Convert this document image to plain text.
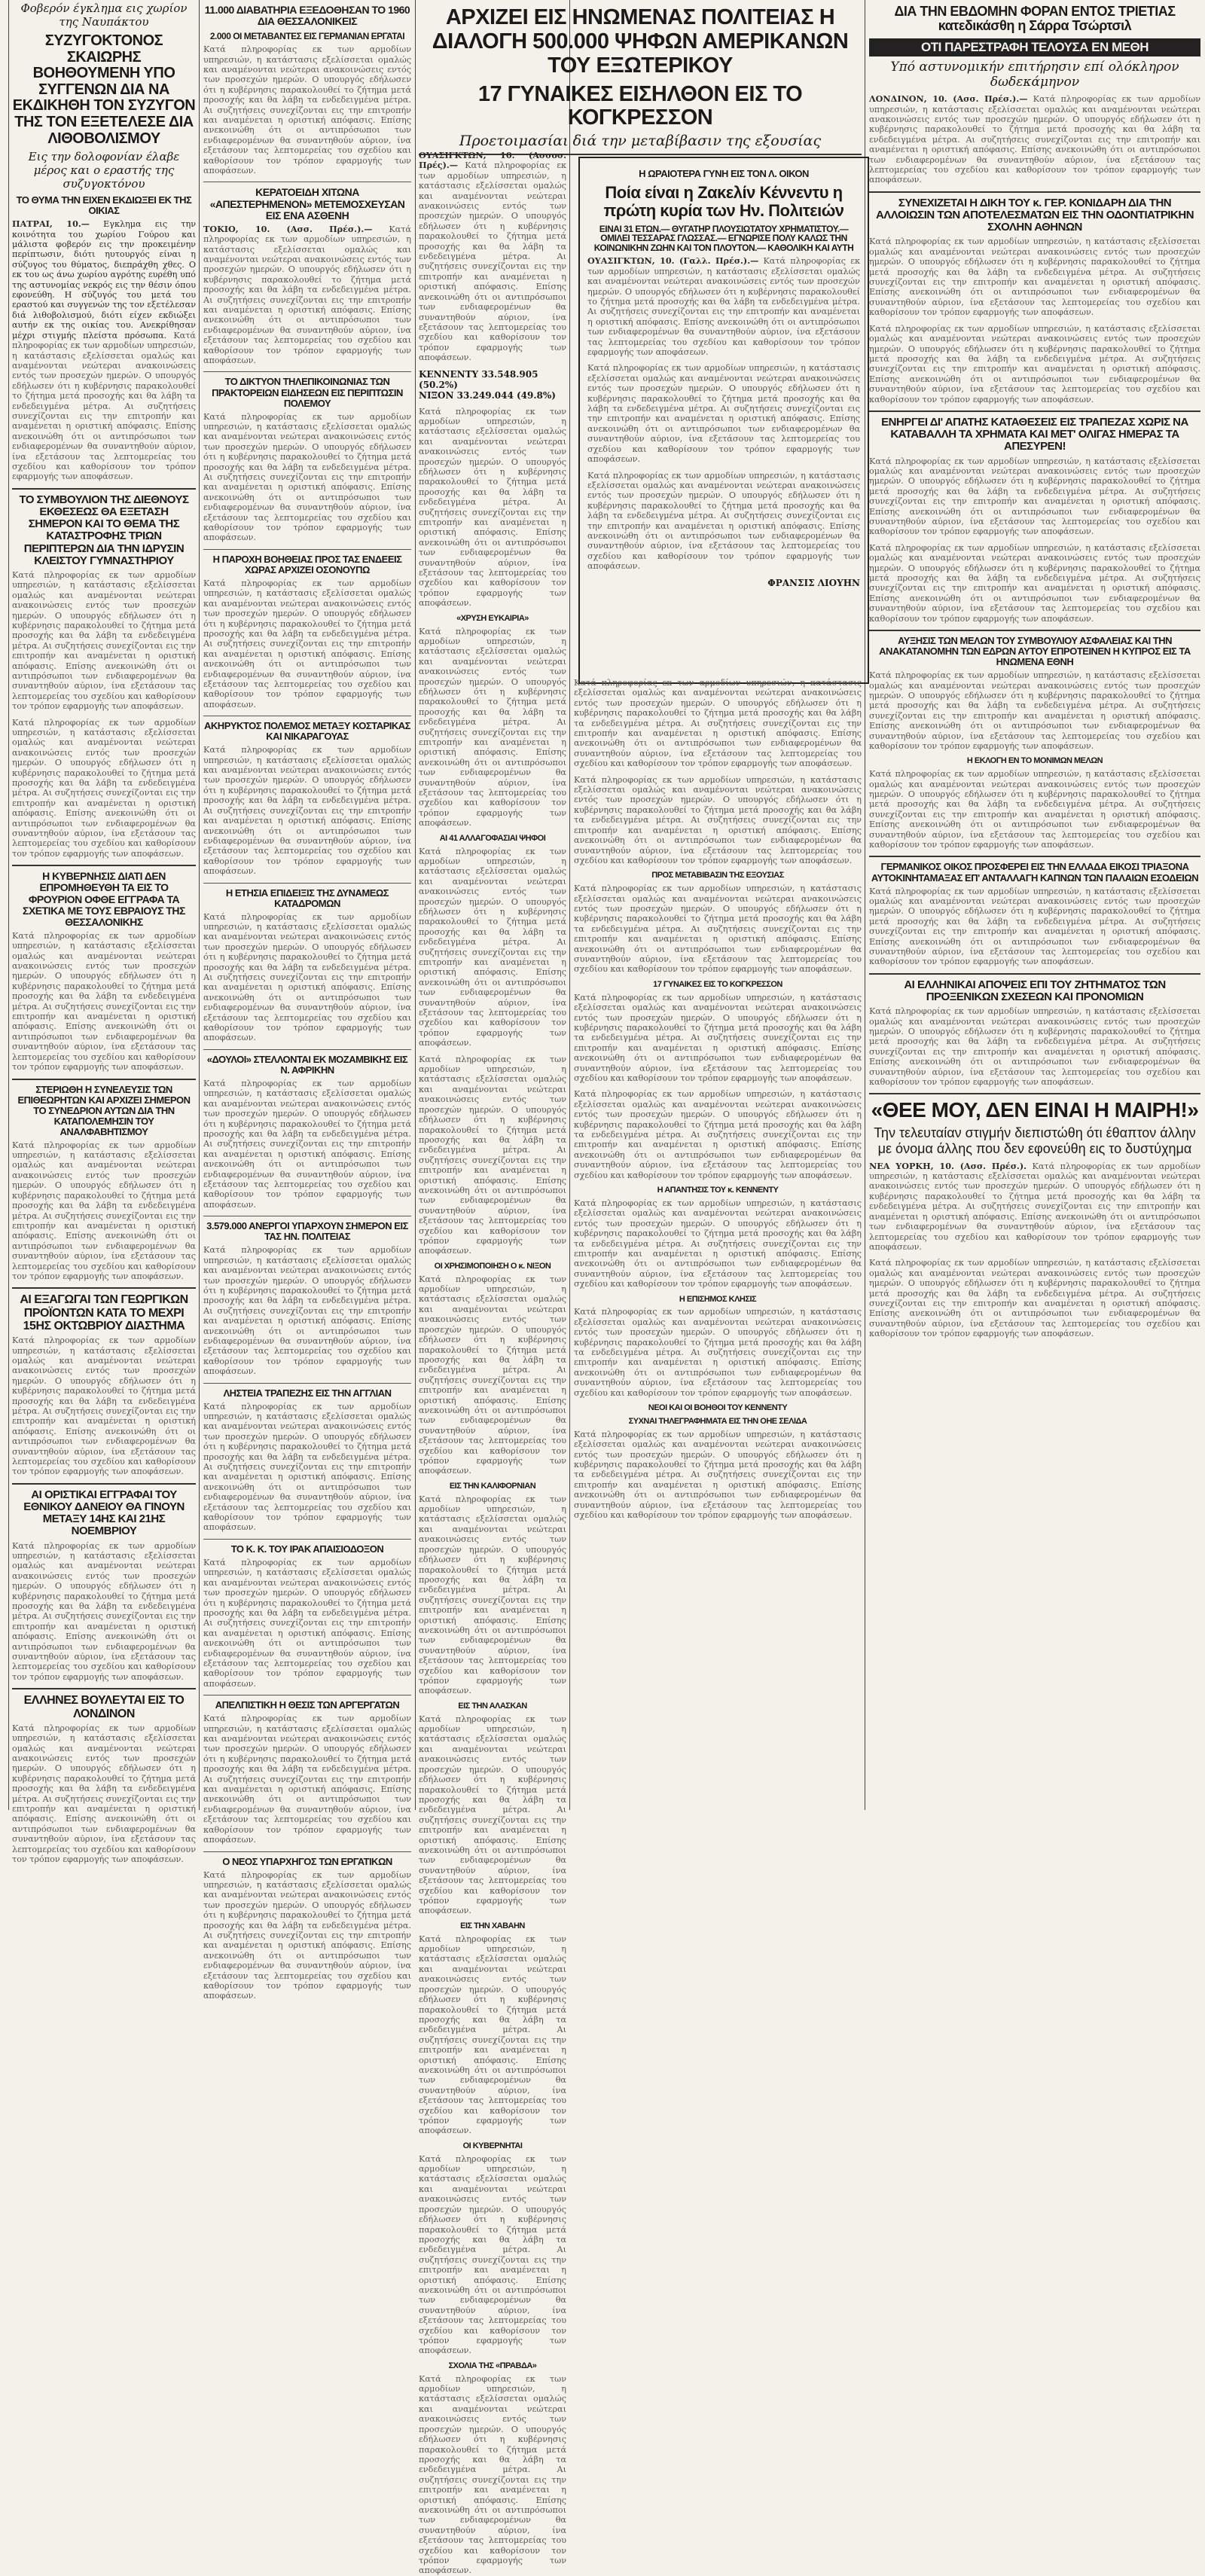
Φοβερόν έγκλημα εις χωρίον της Ναυπάκτου
ΣΥΖΥΓΟΚΤΟΝΟΣ ΣΚΑΙΩΡΗΣ ΒΟΗΘΟΥΜΕΝΗ ΥΠΟ ΣΥΓΓΕΝΩΝ ΔΙΑ ΝΑ ΕΚΔΙΚΗΘΗ ΤΟΝ ΣΥΖΥΓΟΝ ΤΗΣ ΤΟΝ ΕΞΕΤΕΛΕΣΕ ΔΙΑ ΛΙΘΟΒΟΛΙΣΜΟΥ
Εις την δολοφονίαν έλαβε μέρος και ο εραστής της συζυγοκτόνου
ΤΟ ΘΥΜΑ ΤΗΝ ΕΙΧΕΝ ΕΚΔΙΩΞΕΙ ΕΚ ΤΗΣ ΟΙΚΙΑΣ

ΠΑΤΡΑΙ, 10.— Εγκλημα εις την κοινότητα του χωρίου Γούρου και μάλιστα φοβερόν εις την προκειμένην περίπτωσιν, διότι ηυτουργός είναι η σύζυγος του θύματος, διεπράχθη χθες. Ο εκ του ως άνω χωρίου αγρότης ευρέθη υπό της αστυνομίας νεκρός εις την θέσιν όπου εφονεύθη. Η σύζυγός του μετά του εραστού και συγγενών της τον εξετέλεσαν διά λιθοβολισμού, διότι είχεν εκδιώξει αυτήν εκ της οικίας του. Ανεκρίθησαν μέχρι στιγμής πλείστα πρόσωπα. Κατά πληροφορίας εκ των αρμοδίων υπηρεσιών, η κατάστασις εξελίσσεται ομαλώς και αναμένονται νεώτεραι ανακοινώσεις εντός των προσεχών ημερών. Ο υπουργός εδήλωσεν ότι η κυβέρνησις παρακολουθεί το ζήτημα μετά προσοχής και θα λάβη τα ενδεδειγμένα μέτρα. Αι συζητήσεις συνεχίζονται εις την επιτροπήν και αναμένεται η οριστική απόφασις. Επίσης ανεκοινώθη ότι οι αντιπρόσωποι των ενδιαφερομένων θα συναντηθούν αύριον, ίνα εξετάσουν τας λεπτομερείας του σχεδίου και καθορίσουν τον τρόπον εφαρμογής των αποφάσεων.

ΤΟ ΣΥΜΒΟΥΛΙΟΝ ΤΗΣ ΔΙΕΘΝΟΥΣ ΕΚΘΕΣΕΩΣ ΘΑ ΕΞΕΤΑΣΗ ΣΗΜΕΡΟΝ ΚΑΙ ΤΟ ΘΕΜΑ ΤΗΣ ΚΑΤΑΣΤΡΟΦΗΣ ΤΡΙΩΝ ΠΕΡΙΠΤΕΡΩΝ ΔΙΑ ΤΗΝ ΙΔΡΥΣΙΝ ΚΛΕΙΣΤΟΥ ΓΥΜΝΑΣΤΗΡΙΟΥ

Κατά πληροφορίας εκ των αρμοδίων υπηρεσιών, η κατάστασις εξελίσσεται ομαλώς και αναμένονται νεώτεραι ανακοινώσεις εντός των προσεχών ημερών. Ο υπουργός εδήλωσεν ότι η κυβέρνησις παρακολουθεί το ζήτημα μετά προσοχής και θα λάβη τα ενδεδειγμένα μέτρα. Αι συζητήσεις συνεχίζονται εις την επιτροπήν και αναμένεται η οριστική απόφασις. Επίσης ανεκοινώθη ότι οι αντιπρόσωποι των ενδιαφερομένων θα συναντηθούν αύριον, ίνα εξετάσουν τας λεπτομερείας του σχεδίου και καθορίσουν τον τρόπον εφαρμογής των αποφάσεων.

Κατά πληροφορίας εκ των αρμοδίων υπηρεσιών, η κατάστασις εξελίσσεται ομαλώς και αναμένονται νεώτεραι ανακοινώσεις εντός των προσεχών ημερών. Ο υπουργός εδήλωσεν ότι η κυβέρνησις παρακολουθεί το ζήτημα μετά προσοχής και θα λάβη τα ενδεδειγμένα μέτρα. Αι συζητήσεις συνεχίζονται εις την επιτροπήν και αναμένεται η οριστική απόφασις. Επίσης ανεκοινώθη ότι οι αντιπρόσωποι των ενδιαφερομένων θα συναντηθούν αύριον, ίνα εξετάσουν τας λεπτομερείας του σχεδίου και καθορίσουν τον τρόπον εφαρμογής των αποφάσεων.

Η ΚΥΒΕΡΝΗΣΙΣ ΔΙΑΤΙ ΔΕΝ ΕΠΡΟΜΗΘΕΥΘΗ ΤΑ ΕΙΣ ΤΟ ΦΡΟΥΡΙΟΝ ΟΦΘΕ ΕΓΓΡΑΦΑ ΤΑ ΣΧΕΤΙΚΑ ΜΕ ΤΟΥΣ ΕΒΡΑΙΟΥΣ ΤΗΣ ΘΕΣΣΑΛΟΝΙΚΗΣ

Κατά πληροφορίας εκ των αρμοδίων υπηρεσιών, η κατάστασις εξελίσσεται ομαλώς και αναμένονται νεώτεραι ανακοινώσεις εντός των προσεχών ημερών. Ο υπουργός εδήλωσεν ότι η κυβέρνησις παρακολουθεί το ζήτημα μετά προσοχής και θα λάβη τα ενδεδειγμένα μέτρα. Αι συζητήσεις συνεχίζονται εις την επιτροπήν και αναμένεται η οριστική απόφασις. Επίσης ανεκοινώθη ότι οι αντιπρόσωποι των ενδιαφερομένων θα συναντηθούν αύριον, ίνα εξετάσουν τας λεπτομερείας του σχεδίου και καθορίσουν τον τρόπον εφαρμογής των αποφάσεων.

ΣΤΕΡΙΩΘΗ Η ΣΥΝΕΛΕΥΣΙΣ ΤΩΝ ΕΠΙΘΕΩΡΗΤΩΝ ΚΑΙ ΑΡΧΙΖΕΙ ΣΗΜΕΡΟΝ ΤΟ ΣΥΝΕΔΡΙΟΝ ΑΥΤΩΝ ΔΙΑ ΤΗΝ ΚΑΤΑΠΟΛΕΜΗΣΙΝ ΤΟΥ ΑΝΑΛΦΑΒΗΤΙΣΜΟΥ

Κατά πληροφορίας εκ των αρμοδίων υπηρεσιών, η κατάστασις εξελίσσεται ομαλώς και αναμένονται νεώτεραι ανακοινώσεις εντός των προσεχών ημερών. Ο υπουργός εδήλωσεν ότι η κυβέρνησις παρακολουθεί το ζήτημα μετά προσοχής και θα λάβη τα ενδεδειγμένα μέτρα. Αι συζητήσεις συνεχίζονται εις την επιτροπήν και αναμένεται η οριστική απόφασις. Επίσης ανεκοινώθη ότι οι αντιπρόσωποι των ενδιαφερομένων θα συναντηθούν αύριον, ίνα εξετάσουν τας λεπτομερείας του σχεδίου και καθορίσουν τον τρόπον εφαρμογής των αποφάσεων.

ΑΙ ΕΞΑΓΩΓΑΙ ΤΩΝ ΓΕΩΡΓΙΚΩΝ ΠΡΟΪΟΝΤΩΝ ΚΑΤΑ ΤΟ ΜΕΧΡΙ 15ΗΣ ΟΚΤΩΒΡΙΟΥ ΔΙΑΣΤΗΜΑ

Κατά πληροφορίας εκ των αρμοδίων υπηρεσιών, η κατάστασις εξελίσσεται ομαλώς και αναμένονται νεώτεραι ανακοινώσεις εντός των προσεχών ημερών. Ο υπουργός εδήλωσεν ότι η κυβέρνησις παρακολουθεί το ζήτημα μετά προσοχής και θα λάβη τα ενδεδειγμένα μέτρα. Αι συζητήσεις συνεχίζονται εις την επιτροπήν και αναμένεται η οριστική απόφασις. Επίσης ανεκοινώθη ότι οι αντιπρόσωποι των ενδιαφερομένων θα συναντηθούν αύριον, ίνα εξετάσουν τας λεπτομερείας του σχεδίου και καθορίσουν τον τρόπον εφαρμογής των αποφάσεων.

ΑΙ ΟΡΙΣΤΙΚΑΙ ΕΓΓΡΑΦΑΙ ΤΟΥ ΕΘΝΙΚΟΥ ΔΑΝΕΙΟΥ ΘΑ ΓΙΝΟΥΝ ΜΕΤΑΞΥ 14ΗΣ ΚΑΙ 21ΗΣ ΝΟΕΜΒΡΙΟΥ

Κατά πληροφορίας εκ των αρμοδίων υπηρεσιών, η κατάστασις εξελίσσεται ομαλώς και αναμένονται νεώτεραι ανακοινώσεις εντός των προσεχών ημερών. Ο υπουργός εδήλωσεν ότι η κυβέρνησις παρακολουθεί το ζήτημα μετά προσοχής και θα λάβη τα ενδεδειγμένα μέτρα. Αι συζητήσεις συνεχίζονται εις την επιτροπήν και αναμένεται η οριστική απόφασις. Επίσης ανεκοινώθη ότι οι αντιπρόσωποι των ενδιαφερομένων θα συναντηθούν αύριον, ίνα εξετάσουν τας λεπτομερείας του σχεδίου και καθορίσουν τον τρόπον εφαρμογής των αποφάσεων.

ΕΛΛΗΝΕΣ ΒΟΥΛΕΥΤΑΙ ΕΙΣ ΤΟ ΛΟΝΔΙΝΟΝ

Κατά πληροφορίας εκ των αρμοδίων υπηρεσιών, η κατάστασις εξελίσσεται ομαλώς και αναμένονται νεώτεραι ανακοινώσεις εντός των προσεχών ημερών. Ο υπουργός εδήλωσεν ότι η κυβέρνησις παρακολουθεί το ζήτημα μετά προσοχής και θα λάβη τα ενδεδειγμένα μέτρα. Αι συζητήσεις συνεχίζονται εις την επιτροπήν και αναμένεται η οριστική απόφασις. Επίσης ανεκοινώθη ότι οι αντιπρόσωποι των ενδιαφερομένων θα συναντηθούν αύριον, ίνα εξετάσουν τας λεπτομερείας του σχεδίου και καθορίσουν τον τρόπον εφαρμογής των αποφάσεων.

11.000 ΔΙΑΒΑΤΗΡΙΑ ΕΞΕΔΟΘΗΣΑΝ ΤΟ 1960 ΔΙΑ ΘΕΣΣΑΛΟΝΙΚΕΙΣ
2.000 ΟΙ ΜΕΤΑΒΑΝΤΕΣ ΕΙΣ ΓΕΡΜΑΝΙΑΝ ΕΡΓΑΤΑΙ

Κατά πληροφορίας εκ των αρμοδίων υπηρεσιών, η κατάστασις εξελίσσεται ομαλώς και αναμένονται νεώτεραι ανακοινώσεις εντός των προσεχών ημερών. Ο υπουργός εδήλωσεν ότι η κυβέρνησις παρακολουθεί το ζήτημα μετά προσοχής και θα λάβη τα ενδεδειγμένα μέτρα. Αι συζητήσεις συνεχίζονται εις την επιτροπήν και αναμένεται η οριστική απόφασις. Επίσης ανεκοινώθη ότι οι αντιπρόσωποι των ενδιαφερομένων θα συναντηθούν αύριον, ίνα εξετάσουν τας λεπτομερείας του σχεδίου και καθορίσουν τον τρόπον εφαρμογής των αποφάσεων.

ΚΕΡΑΤΟΕΙΔΗ ΧΙΤΩΝΑ «ΑΠΕΣΤΕΡΗΜΕΝΟΝ» ΜΕΤΕΜΟΣΧΕΥΣΑΝ ΕΙΣ ΕΝΑ ΑΣΘΕΝΗ

ΤΟΚΙΟ, 10. (Ασσ. Πρέσ.).— Κατά πληροφορίας εκ των αρμοδίων υπηρεσιών, η κατάστασις εξελίσσεται ομαλώς και αναμένονται νεώτεραι ανακοινώσεις εντός των προσεχών ημερών. Ο υπουργός εδήλωσεν ότι η κυβέρνησις παρακολουθεί το ζήτημα μετά προσοχής και θα λάβη τα ενδεδειγμένα μέτρα. Αι συζητήσεις συνεχίζονται εις την επιτροπήν και αναμένεται η οριστική απόφασις. Επίσης ανεκοινώθη ότι οι αντιπρόσωποι των ενδιαφερομένων θα συναντηθούν αύριον, ίνα εξετάσουν τας λεπτομερείας του σχεδίου και καθορίσουν τον τρόπον εφαρμογής των αποφάσεων.

ΤΟ ΔΙΚΤΥΟΝ ΤΗΛΕΠΙΚΟΙΝΩΝΙΑΣ ΤΩΝ ΠΡΑΚΤΟΡΕΙΩΝ ΕΙΔΗΣΕΩΝ ΕΙΣ ΠΕΡΙΠΤΩΣΙΝ ΠΟΛΕΜΟΥ

Κατά πληροφορίας εκ των αρμοδίων υπηρεσιών, η κατάστασις εξελίσσεται ομαλώς και αναμένονται νεώτεραι ανακοινώσεις εντός των προσεχών ημερών. Ο υπουργός εδήλωσεν ότι η κυβέρνησις παρακολουθεί το ζήτημα μετά προσοχής και θα λάβη τα ενδεδειγμένα μέτρα. Αι συζητήσεις συνεχίζονται εις την επιτροπήν και αναμένεται η οριστική απόφασις. Επίσης ανεκοινώθη ότι οι αντιπρόσωποι των ενδιαφερομένων θα συναντηθούν αύριον, ίνα εξετάσουν τας λεπτομερείας του σχεδίου και καθορίσουν τον τρόπον εφαρμογής των αποφάσεων.

Η ΠΑΡΟΧΗ ΒΟΗΘΕΙΑΣ ΠΡΟΣ ΤΑΣ ΕΝΔΕΕΙΣ ΧΩΡΑΣ ΑΡΧΙΖΕΙ ΟΣΟΝΟΥΠΩ

Κατά πληροφορίας εκ των αρμοδίων υπηρεσιών, η κατάστασις εξελίσσεται ομαλώς και αναμένονται νεώτεραι ανακοινώσεις εντός των προσεχών ημερών. Ο υπουργός εδήλωσεν ότι η κυβέρνησις παρακολουθεί το ζήτημα μετά προσοχής και θα λάβη τα ενδεδειγμένα μέτρα. Αι συζητήσεις συνεχίζονται εις την επιτροπήν και αναμένεται η οριστική απόφασις. Επίσης ανεκοινώθη ότι οι αντιπρόσωποι των ενδιαφερομένων θα συναντηθούν αύριον, ίνα εξετάσουν τας λεπτομερείας του σχεδίου και καθορίσουν τον τρόπον εφαρμογής των αποφάσεων.

ΑΚΗΡΥΚΤΟΣ ΠΟΛΕΜΟΣ ΜΕΤΑΞΥ ΚΟΣΤΑΡΙΚΑΣ ΚΑΙ ΝΙΚΑΡΑΓΟΥΑΣ

Κατά πληροφορίας εκ των αρμοδίων υπηρεσιών, η κατάστασις εξελίσσεται ομαλώς και αναμένονται νεώτεραι ανακοινώσεις εντός των προσεχών ημερών. Ο υπουργός εδήλωσεν ότι η κυβέρνησις παρακολουθεί το ζήτημα μετά προσοχής και θα λάβη τα ενδεδειγμένα μέτρα. Αι συζητήσεις συνεχίζονται εις την επιτροπήν και αναμένεται η οριστική απόφασις. Επίσης ανεκοινώθη ότι οι αντιπρόσωποι των ενδιαφερομένων θα συναντηθούν αύριον, ίνα εξετάσουν τας λεπτομερείας του σχεδίου και καθορίσουν τον τρόπον εφαρμογής των αποφάσεων.

Η ΕΤΗΣΙΑ ΕΠΙΔΕΙΞΙΣ ΤΗΣ ΔΥΝΑΜΕΩΣ ΚΑΤΑΔΡΟΜΩΝ

Κατά πληροφορίας εκ των αρμοδίων υπηρεσιών, η κατάστασις εξελίσσεται ομαλώς και αναμένονται νεώτεραι ανακοινώσεις εντός των προσεχών ημερών. Ο υπουργός εδήλωσεν ότι η κυβέρνησις παρακολουθεί το ζήτημα μετά προσοχής και θα λάβη τα ενδεδειγμένα μέτρα. Αι συζητήσεις συνεχίζονται εις την επιτροπήν και αναμένεται η οριστική απόφασις. Επίσης ανεκοινώθη ότι οι αντιπρόσωποι των ενδιαφερομένων θα συναντηθούν αύριον, ίνα εξετάσουν τας λεπτομερείας του σχεδίου και καθορίσουν τον τρόπον εφαρμογής των αποφάσεων.

«ΔΟΥΛΟΙ» ΣΤΕΛΛΟΝΤΑΙ ΕΚ ΜΟΖΑΜΒΙΚΗΣ ΕΙΣ Ν. ΑΦΡΙΚΗΝ

Κατά πληροφορίας εκ των αρμοδίων υπηρεσιών, η κατάστασις εξελίσσεται ομαλώς και αναμένονται νεώτεραι ανακοινώσεις εντός των προσεχών ημερών. Ο υπουργός εδήλωσεν ότι η κυβέρνησις παρακολουθεί το ζήτημα μετά προσοχής και θα λάβη τα ενδεδειγμένα μέτρα. Αι συζητήσεις συνεχίζονται εις την επιτροπήν και αναμένεται η οριστική απόφασις. Επίσης ανεκοινώθη ότι οι αντιπρόσωποι των ενδιαφερομένων θα συναντηθούν αύριον, ίνα εξετάσουν τας λεπτομερείας του σχεδίου και καθορίσουν τον τρόπον εφαρμογής των αποφάσεων.

3.579.000 ΑΝΕΡΓΟΙ ΥΠΑΡΧΟΥΝ ΣΗΜΕΡΟΝ ΕΙΣ ΤΑΣ ΗΝ. ΠΟΛΙΤΕΙΑΣ

Κατά πληροφορίας εκ των αρμοδίων υπηρεσιών, η κατάστασις εξελίσσεται ομαλώς και αναμένονται νεώτεραι ανακοινώσεις εντός των προσεχών ημερών. Ο υπουργός εδήλωσεν ότι η κυβέρνησις παρακολουθεί το ζήτημα μετά προσοχής και θα λάβη τα ενδεδειγμένα μέτρα. Αι συζητήσεις συνεχίζονται εις την επιτροπήν και αναμένεται η οριστική απόφασις. Επίσης ανεκοινώθη ότι οι αντιπρόσωποι των ενδιαφερομένων θα συναντηθούν αύριον, ίνα εξετάσουν τας λεπτομερείας του σχεδίου και καθορίσουν τον τρόπον εφαρμογής των αποφάσεων.

ΛΗΣΤΕΙΑ ΤΡΑΠΕΖΗΣ ΕΙΣ ΤΗΝ ΑΓΓΛΙΑΝ

Κατά πληροφορίας εκ των αρμοδίων υπηρεσιών, η κατάστασις εξελίσσεται ομαλώς και αναμένονται νεώτεραι ανακοινώσεις εντός των προσεχών ημερών. Ο υπουργός εδήλωσεν ότι η κυβέρνησις παρακολουθεί το ζήτημα μετά προσοχής και θα λάβη τα ενδεδειγμένα μέτρα. Αι συζητήσεις συνεχίζονται εις την επιτροπήν και αναμένεται η οριστική απόφασις. Επίσης ανεκοινώθη ότι οι αντιπρόσωποι των ενδιαφερομένων θα συναντηθούν αύριον, ίνα εξετάσουν τας λεπτομερείας του σχεδίου και καθορίσουν τον τρόπον εφαρμογής των αποφάσεων.

ΤΟ Κ. Κ. ΤΟΥ ΙΡΑΚ ΑΠΑΙΣΙΟΔΟΞΟΝ

Κατά πληροφορίας εκ των αρμοδίων υπηρεσιών, η κατάστασις εξελίσσεται ομαλώς και αναμένονται νεώτεραι ανακοινώσεις εντός των προσεχών ημερών. Ο υπουργός εδήλωσεν ότι η κυβέρνησις παρακολουθεί το ζήτημα μετά προσοχής και θα λάβη τα ενδεδειγμένα μέτρα. Αι συζητήσεις συνεχίζονται εις την επιτροπήν και αναμένεται η οριστική απόφασις. Επίσης ανεκοινώθη ότι οι αντιπρόσωποι των ενδιαφερομένων θα συναντηθούν αύριον, ίνα εξετάσουν τας λεπτομερείας του σχεδίου και καθορίσουν τον τρόπον εφαρμογής των αποφάσεων.

ΑΠΕΛΠΙΣΤΙΚΗ Η ΘΕΣΙΣ ΤΩΝ ΑΡΓΕΡΓΑΤΩΝ

Κατά πληροφορίας εκ των αρμοδίων υπηρεσιών, η κατάστασις εξελίσσεται ομαλώς και αναμένονται νεώτεραι ανακοινώσεις εντός των προσεχών ημερών. Ο υπουργός εδήλωσεν ότι η κυβέρνησις παρακολουθεί το ζήτημα μετά προσοχής και θα λάβη τα ενδεδειγμένα μέτρα. Αι συζητήσεις συνεχίζονται εις την επιτροπήν και αναμένεται η οριστική απόφασις. Επίσης ανεκοινώθη ότι οι αντιπρόσωποι των ενδιαφερομένων θα συναντηθούν αύριον, ίνα εξετάσουν τας λεπτομερείας του σχεδίου και καθορίσουν τον τρόπον εφαρμογής των αποφάσεων.

Ο ΝΕΟΣ ΥΠΑΡΧΗΓΟΣ ΤΩΝ ΕΡΓΑΤΙΚΩΝ

Κατά πληροφορίας εκ των αρμοδίων υπηρεσιών, η κατάστασις εξελίσσεται ομαλώς και αναμένονται νεώτεραι ανακοινώσεις εντός των προσεχών ημερών. Ο υπουργός εδήλωσεν ότι η κυβέρνησις παρακολουθεί το ζήτημα μετά προσοχής και θα λάβη τα ενδεδειγμένα μέτρα. Αι συζητήσεις συνεχίζονται εις την επιτροπήν και αναμένεται η οριστική απόφασις. Επίσης ανεκοινώθη ότι οι αντιπρόσωποι των ενδιαφερομένων θα συναντηθούν αύριον, ίνα εξετάσουν τας λεπτομερείας του σχεδίου και καθορίσουν τον τρόπον εφαρμογής των αποφάσεων.

ΑΡΧΙΖΕΙ ΕΙΣ ΗΝΩΜΕΝΑΣ ΠΟΛΙΤΕΙΑΣ Η ΔΙΑΛΟΓΗ 500.000 ΨΗΦΩΝ ΑΜΕΡΙΚΑΝΩΝ ΤΟΥ ΕΞΩΤΕΡΙΚΟΥ
17 ΓΥΝΑΙΚΕΣ ΕΙΣΗΛΘΟΝ ΕΙΣ ΤΟ ΚΟΓΚΡΕΣΣΟΝ
Προετοιμασίαι διά την μεταβίβασιν της εξουσίας

ΟΥΑΣΙΓΚΤΩΝ, 10. (Ασσοσ. Πρές).— Κατά πληροφορίας εκ των αρμοδίων υπηρεσιών, η κατάστασις εξελίσσεται ομαλώς και αναμένονται νεώτεραι ανακοινώσεις εντός των προσεχών ημερών. Ο υπουργός εδήλωσεν ότι η κυβέρνησις παρακολουθεί το ζήτημα μετά προσοχής και θα λάβη τα ενδεδειγμένα μέτρα. Αι συζητήσεις συνεχίζονται εις την επιτροπήν και αναμένεται η οριστική απόφασις. Επίσης ανεκοινώθη ότι οι αντιπρόσωποι των ενδιαφερομένων θα συναντηθούν αύριον, ίνα εξετάσουν τας λεπτομερείας του σχεδίου και καθορίσουν τον τρόπον εφαρμογής των αποφάσεων.

ΚΕΝΝΕΝΤΥ 33.548.905 (50.2%)
ΝΙΞΟΝ 33.249.044 (49.8%)

Κατά πληροφορίας εκ των αρμοδίων υπηρεσιών, η κατάστασις εξελίσσεται ομαλώς και αναμένονται νεώτεραι ανακοινώσεις εντός των προσεχών ημερών. Ο υπουργός εδήλωσεν ότι η κυβέρνησις παρακολουθεί το ζήτημα μετά προσοχής και θα λάβη τα ενδεδειγμένα μέτρα. Αι συζητήσεις συνεχίζονται εις την επιτροπήν και αναμένεται η οριστική απόφασις. Επίσης ανεκοινώθη ότι οι αντιπρόσωποι των ενδιαφερομένων θα συναντηθούν αύριον, ίνα εξετάσουν τας λεπτομερείας του σχεδίου και καθορίσουν τον τρόπον εφαρμογής των αποφάσεων.

«ΧΡΥΣΗ ΕΥΚΑΙΡΙΑ»

Κατά πληροφορίας εκ των αρμοδίων υπηρεσιών, η κατάστασις εξελίσσεται ομαλώς και αναμένονται νεώτεραι ανακοινώσεις εντός των προσεχών ημερών. Ο υπουργός εδήλωσεν ότι η κυβέρνησις παρακολουθεί το ζήτημα μετά προσοχής και θα λάβη τα ενδεδειγμένα μέτρα. Αι συζητήσεις συνεχίζονται εις την επιτροπήν και αναμένεται η οριστική απόφασις. Επίσης ανεκοινώθη ότι οι αντιπρόσωποι των ενδιαφερομένων θα συναντηθούν αύριον, ίνα εξετάσουν τας λεπτομερείας του σχεδίου και καθορίσουν τον τρόπον εφαρμογής των αποφάσεων.

ΑΙ 41 ΑΛΛΑΓΟΦΑΣΙΑΙ ΨΗΦΟΙ

Κατά πληροφορίας εκ των αρμοδίων υπηρεσιών, η κατάστασις εξελίσσεται ομαλώς και αναμένονται νεώτεραι ανακοινώσεις εντός των προσεχών ημερών. Ο υπουργός εδήλωσεν ότι η κυβέρνησις παρακολουθεί το ζήτημα μετά προσοχής και θα λάβη τα ενδεδειγμένα μέτρα. Αι συζητήσεις συνεχίζονται εις την επιτροπήν και αναμένεται η οριστική απόφασις. Επίσης ανεκοινώθη ότι οι αντιπρόσωποι των ενδιαφερομένων θα συναντηθούν αύριον, ίνα εξετάσουν τας λεπτομερείας του σχεδίου και καθορίσουν τον τρόπον εφαρμογής των αποφάσεων.

Κατά πληροφορίας εκ των αρμοδίων υπηρεσιών, η κατάστασις εξελίσσεται ομαλώς και αναμένονται νεώτεραι ανακοινώσεις εντός των προσεχών ημερών. Ο υπουργός εδήλωσεν ότι η κυβέρνησις παρακολουθεί το ζήτημα μετά προσοχής και θα λάβη τα ενδεδειγμένα μέτρα. Αι συζητήσεις συνεχίζονται εις την επιτροπήν και αναμένεται η οριστική απόφασις. Επίσης ανεκοινώθη ότι οι αντιπρόσωποι των ενδιαφερομένων θα συναντηθούν αύριον, ίνα εξετάσουν τας λεπτομερείας του σχεδίου και καθορίσουν τον τρόπον εφαρμογής των αποφάσεων.

ΟΙ ΧΡΗΣΙΜΟΠΟΙΗΣΗ Ο κ. ΝΙΞΟΝ

Κατά πληροφορίας εκ των αρμοδίων υπηρεσιών, η κατάστασις εξελίσσεται ομαλώς και αναμένονται νεώτεραι ανακοινώσεις εντός των προσεχών ημερών. Ο υπουργός εδήλωσεν ότι η κυβέρνησις παρακολουθεί το ζήτημα μετά προσοχής και θα λάβη τα ενδεδειγμένα μέτρα. Αι συζητήσεις συνεχίζονται εις την επιτροπήν και αναμένεται η οριστική απόφασις. Επίσης ανεκοινώθη ότι οι αντιπρόσωποι των ενδιαφερομένων θα συναντηθούν αύριον, ίνα εξετάσουν τας λεπτομερείας του σχεδίου και καθορίσουν τον τρόπον εφαρμογής των αποφάσεων.

ΕΙΣ ΤΗΝ ΚΑΛΙΦΟΡΝΙΑΝ

Κατά πληροφορίας εκ των αρμοδίων υπηρεσιών, η κατάστασις εξελίσσεται ομαλώς και αναμένονται νεώτεραι ανακοινώσεις εντός των προσεχών ημερών. Ο υπουργός εδήλωσεν ότι η κυβέρνησις παρακολουθεί το ζήτημα μετά προσοχής και θα λάβη τα ενδεδειγμένα μέτρα. Αι συζητήσεις συνεχίζονται εις την επιτροπήν και αναμένεται η οριστική απόφασις. Επίσης ανεκοινώθη ότι οι αντιπρόσωποι των ενδιαφερομένων θα συναντηθούν αύριον, ίνα εξετάσουν τας λεπτομερείας του σχεδίου και καθορίσουν τον τρόπον εφαρμογής των αποφάσεων.

ΕΙΣ ΤΗΝ ΑΛΑΣΚΑΝ

Κατά πληροφορίας εκ των αρμοδίων υπηρεσιών, η κατάστασις εξελίσσεται ομαλώς και αναμένονται νεώτεραι ανακοινώσεις εντός των προσεχών ημερών. Ο υπουργός εδήλωσεν ότι η κυβέρνησις παρακολουθεί το ζήτημα μετά προσοχής και θα λάβη τα ενδεδειγμένα μέτρα. Αι συζητήσεις συνεχίζονται εις την επιτροπήν και αναμένεται η οριστική απόφασις. Επίσης ανεκοινώθη ότι οι αντιπρόσωποι των ενδιαφερομένων θα συναντηθούν αύριον, ίνα εξετάσουν τας λεπτομερείας του σχεδίου και καθορίσουν τον τρόπον εφαρμογής των αποφάσεων.

ΕΙΣ ΤΗΝ ΧΑΒΑΗΝ

Κατά πληροφορίας εκ των αρμοδίων υπηρεσιών, η κατάστασις εξελίσσεται ομαλώς και αναμένονται νεώτεραι ανακοινώσεις εντός των προσεχών ημερών. Ο υπουργός εδήλωσεν ότι η κυβέρνησις παρακολουθεί το ζήτημα μετά προσοχής και θα λάβη τα ενδεδειγμένα μέτρα. Αι συζητήσεις συνεχίζονται εις την επιτροπήν και αναμένεται η οριστική απόφασις. Επίσης ανεκοινώθη ότι οι αντιπρόσωποι των ενδιαφερομένων θα συναντηθούν αύριον, ίνα εξετάσουν τας λεπτομερείας του σχεδίου και καθορίσουν τον τρόπον εφαρμογής των αποφάσεων.

ΟΙ ΚΥΒΕΡΝΗΤΑΙ

Κατά πληροφορίας εκ των αρμοδίων υπηρεσιών, η κατάστασις εξελίσσεται ομαλώς και αναμένονται νεώτεραι ανακοινώσεις εντός των προσεχών ημερών. Ο υπουργός εδήλωσεν ότι η κυβέρνησις παρακολουθεί το ζήτημα μετά προσοχής και θα λάβη τα ενδεδειγμένα μέτρα. Αι συζητήσεις συνεχίζονται εις την επιτροπήν και αναμένεται η οριστική απόφασις. Επίσης ανεκοινώθη ότι οι αντιπρόσωποι των ενδιαφερομένων θα συναντηθούν αύριον, ίνα εξετάσουν τας λεπτομερείας του σχεδίου και καθορίσουν τον τρόπον εφαρμογής των αποφάσεων.

ΣΧΟΛΙΑ ΤΗΣ «ΠΡΑΒΔΑ»

Κατά πληροφορίας εκ των αρμοδίων υπηρεσιών, η κατάστασις εξελίσσεται ομαλώς και αναμένονται νεώτεραι ανακοινώσεις εντός των προσεχών ημερών. Ο υπουργός εδήλωσεν ότι η κυβέρνησις παρακολουθεί το ζήτημα μετά προσοχής και θα λάβη τα ενδεδειγμένα μέτρα. Αι συζητήσεις συνεχίζονται εις την επιτροπήν και αναμένεται η οριστική απόφασις. Επίσης ανεκοινώθη ότι οι αντιπρόσωποι των ενδιαφερομένων θα συναντηθούν αύριον, ίνα εξετάσουν τας λεπτομερείας του σχεδίου και καθορίσουν τον τρόπον εφαρμογής των αποφάσεων.

Η ΩΡΑΙΟΤΕΡΑ ΓΥΝΗ ΕΙΣ ΤΟΝ Λ. ΟΙΚΟΝ
Ποία είναι η Ζακελίν Κέννεντυ η πρώτη κυρία των Ην. Πολιτειών
ΕΙΝΑΙ 31 ΕΤΩΝ.— ΘΥΓΑΤΗΡ ΠΛΟΥΣΙΩΤΑΤΟΥ ΧΡΗΜΑΤΙΣΤΟΥ.— ΟΜΙΛΕΙ ΤΕΣΣΑΡΑΣ ΓΛΩΣΣΑΣ.— ΕΓΝΩΡΙΣΕ ΠΟΛΥ ΚΑΛΩΣ ΤΗΝ ΚΟΙΝΩΝΙΚΗΝ ΖΩΗΝ ΚΑΙ ΤΟΝ ΠΛΟΥΤΟΝ.— ΚΑΘΟΛΙΚΗ ΚΑΙ ΑΥΤΗ

ΟΥΑΣΙΓΚΤΩΝ, 10. (Γαλλ. Πρέσ.).— Κατά πληροφορίας εκ των αρμοδίων υπηρεσιών, η κατάστασις εξελίσσεται ομαλώς και αναμένονται νεώτεραι ανακοινώσεις εντός των προσεχών ημερών. Ο υπουργός εδήλωσεν ότι η κυβέρνησις παρακολουθεί το ζήτημα μετά προσοχής και θα λάβη τα ενδεδειγμένα μέτρα. Αι συζητήσεις συνεχίζονται εις την επιτροπήν και αναμένεται η οριστική απόφασις. Επίσης ανεκοινώθη ότι οι αντιπρόσωποι των ενδιαφερομένων θα συναντηθούν αύριον, ίνα εξετάσουν τας λεπτομερείας του σχεδίου και καθορίσουν τον τρόπον εφαρμογής των αποφάσεων.

Κατά πληροφορίας εκ των αρμοδίων υπηρεσιών, η κατάστασις εξελίσσεται ομαλώς και αναμένονται νεώτεραι ανακοινώσεις εντός των προσεχών ημερών. Ο υπουργός εδήλωσεν ότι η κυβέρνησις παρακολουθεί το ζήτημα μετά προσοχής και θα λάβη τα ενδεδειγμένα μέτρα. Αι συζητήσεις συνεχίζονται εις την επιτροπήν και αναμένεται η οριστική απόφασις. Επίσης ανεκοινώθη ότι οι αντιπρόσωποι των ενδιαφερομένων θα συναντηθούν αύριον, ίνα εξετάσουν τας λεπτομερείας του σχεδίου και καθορίσουν τον τρόπον εφαρμογής των αποφάσεων.

Κατά πληροφορίας εκ των αρμοδίων υπηρεσιών, η κατάστασις εξελίσσεται ομαλώς και αναμένονται νεώτεραι ανακοινώσεις εντός των προσεχών ημερών. Ο υπουργός εδήλωσεν ότι η κυβέρνησις παρακολουθεί το ζήτημα μετά προσοχής και θα λάβη τα ενδεδειγμένα μέτρα. Αι συζητήσεις συνεχίζονται εις την επιτροπήν και αναμένεται η οριστική απόφασις. Επίσης ανεκοινώθη ότι οι αντιπρόσωποι των ενδιαφερομένων θα συναντηθούν αύριον, ίνα εξετάσουν τας λεπτομερείας του σχεδίου και καθορίσουν τον τρόπον εφαρμογής των αποφάσεων.

ΦΡΑΝΣΙΣ ΛΙΟΥΗΝ

Κατά πληροφορίας εκ των αρμοδίων υπηρεσιών, η κατάστασις εξελίσσεται ομαλώς και αναμένονται νεώτεραι ανακοινώσεις εντός των προσεχών ημερών. Ο υπουργός εδήλωσεν ότι η κυβέρνησις παρακολουθεί το ζήτημα μετά προσοχής και θα λάβη τα ενδεδειγμένα μέτρα. Αι συζητήσεις συνεχίζονται εις την επιτροπήν και αναμένεται η οριστική απόφασις. Επίσης ανεκοινώθη ότι οι αντιπρόσωποι των ενδιαφερομένων θα συναντηθούν αύριον, ίνα εξετάσουν τας λεπτομερείας του σχεδίου και καθορίσουν τον τρόπον εφαρμογής των αποφάσεων.

Κατά πληροφορίας εκ των αρμοδίων υπηρεσιών, η κατάστασις εξελίσσεται ομαλώς και αναμένονται νεώτεραι ανακοινώσεις εντός των προσεχών ημερών. Ο υπουργός εδήλωσεν ότι η κυβέρνησις παρακολουθεί το ζήτημα μετά προσοχής και θα λάβη τα ενδεδειγμένα μέτρα. Αι συζητήσεις συνεχίζονται εις την επιτροπήν και αναμένεται η οριστική απόφασις. Επίσης ανεκοινώθη ότι οι αντιπρόσωποι των ενδιαφερομένων θα συναντηθούν αύριον, ίνα εξετάσουν τας λεπτομερείας του σχεδίου και καθορίσουν τον τρόπον εφαρμογής των αποφάσεων.

ΠΡΟΣ ΜΕΤΑΒΙΒΑΣΙΝ ΤΗΣ ΕΞΟΥΣΙΑΣ

Κατά πληροφορίας εκ των αρμοδίων υπηρεσιών, η κατάστασις εξελίσσεται ομαλώς και αναμένονται νεώτεραι ανακοινώσεις εντός των προσεχών ημερών. Ο υπουργός εδήλωσεν ότι η κυβέρνησις παρακολουθεί το ζήτημα μετά προσοχής και θα λάβη τα ενδεδειγμένα μέτρα. Αι συζητήσεις συνεχίζονται εις την επιτροπήν και αναμένεται η οριστική απόφασις. Επίσης ανεκοινώθη ότι οι αντιπρόσωποι των ενδιαφερομένων θα συναντηθούν αύριον, ίνα εξετάσουν τας λεπτομερείας του σχεδίου και καθορίσουν τον τρόπον εφαρμογής των αποφάσεων.

17 ΓΥΝΑΙΚΕΣ ΕΙΣ ΤΟ ΚΟΓΚΡΕΣΣΟΝ

Κατά πληροφορίας εκ των αρμοδίων υπηρεσιών, η κατάστασις εξελίσσεται ομαλώς και αναμένονται νεώτεραι ανακοινώσεις εντός των προσεχών ημερών. Ο υπουργός εδήλωσεν ότι η κυβέρνησις παρακολουθεί το ζήτημα μετά προσοχής και θα λάβη τα ενδεδειγμένα μέτρα. Αι συζητήσεις συνεχίζονται εις την επιτροπήν και αναμένεται η οριστική απόφασις. Επίσης ανεκοινώθη ότι οι αντιπρόσωποι των ενδιαφερομένων θα συναντηθούν αύριον, ίνα εξετάσουν τας λεπτομερείας του σχεδίου και καθορίσουν τον τρόπον εφαρμογής των αποφάσεων.

Κατά πληροφορίας εκ των αρμοδίων υπηρεσιών, η κατάστασις εξελίσσεται ομαλώς και αναμένονται νεώτεραι ανακοινώσεις εντός των προσεχών ημερών. Ο υπουργός εδήλωσεν ότι η κυβέρνησις παρακολουθεί το ζήτημα μετά προσοχής και θα λάβη τα ενδεδειγμένα μέτρα. Αι συζητήσεις συνεχίζονται εις την επιτροπήν και αναμένεται η οριστική απόφασις. Επίσης ανεκοινώθη ότι οι αντιπρόσωποι των ενδιαφερομένων θα συναντηθούν αύριον, ίνα εξετάσουν τας λεπτομερείας του σχεδίου και καθορίσουν τον τρόπον εφαρμογής των αποφάσεων.

Η ΑΠΑΝΤΗΣΙΣ ΤΟΥ κ. ΚΕΝΝΕΝΤΥ

Κατά πληροφορίας εκ των αρμοδίων υπηρεσιών, η κατάστασις εξελίσσεται ομαλώς και αναμένονται νεώτεραι ανακοινώσεις εντός των προσεχών ημερών. Ο υπουργός εδήλωσεν ότι η κυβέρνησις παρακολουθεί το ζήτημα μετά προσοχής και θα λάβη τα ενδεδειγμένα μέτρα. Αι συζητήσεις συνεχίζονται εις την επιτροπήν και αναμένεται η οριστική απόφασις. Επίσης ανεκοινώθη ότι οι αντιπρόσωποι των ενδιαφερομένων θα συναντηθούν αύριον, ίνα εξετάσουν τας λεπτομερείας του σχεδίου και καθορίσουν τον τρόπον εφαρμογής των αποφάσεων.

Η ΕΠΙΣΗΜΟΣ ΚΛΗΣΙΣ

Κατά πληροφορίας εκ των αρμοδίων υπηρεσιών, η κατάστασις εξελίσσεται ομαλώς και αναμένονται νεώτεραι ανακοινώσεις εντός των προσεχών ημερών. Ο υπουργός εδήλωσεν ότι η κυβέρνησις παρακολουθεί το ζήτημα μετά προσοχής και θα λάβη τα ενδεδειγμένα μέτρα. Αι συζητήσεις συνεχίζονται εις την επιτροπήν και αναμένεται η οριστική απόφασις. Επίσης ανεκοινώθη ότι οι αντιπρόσωποι των ενδιαφερομένων θα συναντηθούν αύριον, ίνα εξετάσουν τας λεπτομερείας του σχεδίου και καθορίσουν τον τρόπον εφαρμογής των αποφάσεων.

ΝΕΟΙ ΚΑΙ ΟΙ ΒΟΗΘΟΙ ΤΟΥ ΚΕΝΝΕΝΤΥ
ΣΥΧΝΑΙ ΤΗΛΕΓΡΑΦΗΜΑΤΑ ΕΙΣ ΤΗΝ ΟΗΕ ΣΕΛΙΔΑ

Κατά πληροφορίας εκ των αρμοδίων υπηρεσιών, η κατάστασις εξελίσσεται ομαλώς και αναμένονται νεώτεραι ανακοινώσεις εντός των προσεχών ημερών. Ο υπουργός εδήλωσεν ότι η κυβέρνησις παρακολουθεί το ζήτημα μετά προσοχής και θα λάβη τα ενδεδειγμένα μέτρα. Αι συζητήσεις συνεχίζονται εις την επιτροπήν και αναμένεται η οριστική απόφασις. Επίσης ανεκοινώθη ότι οι αντιπρόσωποι των ενδιαφερομένων θα συναντηθούν αύριον, ίνα εξετάσουν τας λεπτομερείας του σχεδίου και καθορίσουν τον τρόπον εφαρμογής των αποφάσεων.

ΔΙΑ ΤΗΝ ΕΒΔΟΜΗΝ ΦΟΡΑΝ ΕΝΤΟΣ ΤΡΙΕΤΙΑΣ κατεδικάσθη η Σάρρα Τσώρτσιλ
ΟΤΙ ΠΑΡΕΣΤΡΑΦΗ ΤΕΛΟΥΣΑ ΕΝ ΜΕΘΗ
Υπό αστυνομικήν επιτήρησιν επί ολόκληρον δωδεκάμηνον

ΛΟΝΔΙΝΟΝ, 10. (Ασσ. Πρέσ.).— Κατά πληροφορίας εκ των αρμοδίων υπηρεσιών, η κατάστασις εξελίσσεται ομαλώς και αναμένονται νεώτεραι ανακοινώσεις εντός των προσεχών ημερών. Ο υπουργός εδήλωσεν ότι η κυβέρνησις παρακολουθεί το ζήτημα μετά προσοχής και θα λάβη τα ενδεδειγμένα μέτρα. Αι συζητήσεις συνεχίζονται εις την επιτροπήν και αναμένεται η οριστική απόφασις. Επίσης ανεκοινώθη ότι οι αντιπρόσωποι των ενδιαφερομένων θα συναντηθούν αύριον, ίνα εξετάσουν τας λεπτομερείας του σχεδίου και καθορίσουν τον τρόπον εφαρμογής των αποφάσεων.

ΣΥΝΕΧΙΖΕΤΑΙ Η ΔΙΚΗ ΤΟΥ κ. ΓΕΡ. ΚΟΝΙΔΑΡΗ ΔΙΑ ΤΗΝ ΑΛΛΟΙΩΣΙΝ ΤΩΝ ΑΠΟΤΕΛΕΣΜΑΤΩΝ ΕΙΣ ΤΗΝ ΟΔΟΝΤΙΑΤΡΙΚΗΝ ΣΧΟΛΗΝ ΑΘΗΝΩΝ

Κατά πληροφορίας εκ των αρμοδίων υπηρεσιών, η κατάστασις εξελίσσεται ομαλώς και αναμένονται νεώτεραι ανακοινώσεις εντός των προσεχών ημερών. Ο υπουργός εδήλωσεν ότι η κυβέρνησις παρακολουθεί το ζήτημα μετά προσοχής και θα λάβη τα ενδεδειγμένα μέτρα. Αι συζητήσεις συνεχίζονται εις την επιτροπήν και αναμένεται η οριστική απόφασις. Επίσης ανεκοινώθη ότι οι αντιπρόσωποι των ενδιαφερομένων θα συναντηθούν αύριον, ίνα εξετάσουν τας λεπτομερείας του σχεδίου και καθορίσουν τον τρόπον εφαρμογής των αποφάσεων.

Κατά πληροφορίας εκ των αρμοδίων υπηρεσιών, η κατάστασις εξελίσσεται ομαλώς και αναμένονται νεώτεραι ανακοινώσεις εντός των προσεχών ημερών. Ο υπουργός εδήλωσεν ότι η κυβέρνησις παρακολουθεί το ζήτημα μετά προσοχής και θα λάβη τα ενδεδειγμένα μέτρα. Αι συζητήσεις συνεχίζονται εις την επιτροπήν και αναμένεται η οριστική απόφασις. Επίσης ανεκοινώθη ότι οι αντιπρόσωποι των ενδιαφερομένων θα συναντηθούν αύριον, ίνα εξετάσουν τας λεπτομερείας του σχεδίου και καθορίσουν τον τρόπον εφαρμογής των αποφάσεων.

ΕΝΗΡΓΕΙ ΔΙ' ΑΠΑΤΗΣ ΚΑΤΑΘΕΣΕΙΣ ΕΙΣ ΤΡΑΠΕΖΑΣ ΧΩΡΙΣ ΝΑ ΚΑΤΑΒΑΛΛΗ ΤΑ ΧΡΗΜΑΤΑ ΚΑΙ ΜΕΤ' ΟΛΙΓΑΣ ΗΜΕΡΑΣ ΤΑ ΑΠΕΣΥΡΕΝ!

Κατά πληροφορίας εκ των αρμοδίων υπηρεσιών, η κατάστασις εξελίσσεται ομαλώς και αναμένονται νεώτεραι ανακοινώσεις εντός των προσεχών ημερών. Ο υπουργός εδήλωσεν ότι η κυβέρνησις παρακολουθεί το ζήτημα μετά προσοχής και θα λάβη τα ενδεδειγμένα μέτρα. Αι συζητήσεις συνεχίζονται εις την επιτροπήν και αναμένεται η οριστική απόφασις. Επίσης ανεκοινώθη ότι οι αντιπρόσωποι των ενδιαφερομένων θα συναντηθούν αύριον, ίνα εξετάσουν τας λεπτομερείας του σχεδίου και καθορίσουν τον τρόπον εφαρμογής των αποφάσεων.

Κατά πληροφορίας εκ των αρμοδίων υπηρεσιών, η κατάστασις εξελίσσεται ομαλώς και αναμένονται νεώτεραι ανακοινώσεις εντός των προσεχών ημερών. Ο υπουργός εδήλωσεν ότι η κυβέρνησις παρακολουθεί το ζήτημα μετά προσοχής και θα λάβη τα ενδεδειγμένα μέτρα. Αι συζητήσεις συνεχίζονται εις την επιτροπήν και αναμένεται η οριστική απόφασις. Επίσης ανεκοινώθη ότι οι αντιπρόσωποι των ενδιαφερομένων θα συναντηθούν αύριον, ίνα εξετάσουν τας λεπτομερείας του σχεδίου και καθορίσουν τον τρόπον εφαρμογής των αποφάσεων.

ΑΥΞΗΣΙΣ ΤΩΝ ΜΕΛΩΝ ΤΟΥ ΣΥΜΒΟΥΛΙΟΥ ΑΣΦΑΛΕΙΑΣ ΚΑΙ ΤΗΝ ΑΝΑΚΑΤΑΝΟΜΗΝ ΤΩΝ ΕΔΡΩΝ ΑΥΤΟΥ ΕΠΡΟΤΕΙΝΕΝ Η ΚΥΠΡΟΣ ΕΙΣ ΤΑ ΗΝΩΜΕΝΑ ΕΘΝΗ

Κατά πληροφορίας εκ των αρμοδίων υπηρεσιών, η κατάστασις εξελίσσεται ομαλώς και αναμένονται νεώτεραι ανακοινώσεις εντός των προσεχών ημερών. Ο υπουργός εδήλωσεν ότι η κυβέρνησις παρακολουθεί το ζήτημα μετά προσοχής και θα λάβη τα ενδεδειγμένα μέτρα. Αι συζητήσεις συνεχίζονται εις την επιτροπήν και αναμένεται η οριστική απόφασις. Επίσης ανεκοινώθη ότι οι αντιπρόσωποι των ενδιαφερομένων θα συναντηθούν αύριον, ίνα εξετάσουν τας λεπτομερείας του σχεδίου και καθορίσουν τον τρόπον εφαρμογής των αποφάσεων.

Η ΕΚΛΟΓΗ ΕΝ ΤΟ ΜΟΝΙΜΩΝ ΜΕΛΩΝ

Κατά πληροφορίας εκ των αρμοδίων υπηρεσιών, η κατάστασις εξελίσσεται ομαλώς και αναμένονται νεώτεραι ανακοινώσεις εντός των προσεχών ημερών. Ο υπουργός εδήλωσεν ότι η κυβέρνησις παρακολουθεί το ζήτημα μετά προσοχής και θα λάβη τα ενδεδειγμένα μέτρα. Αι συζητήσεις συνεχίζονται εις την επιτροπήν και αναμένεται η οριστική απόφασις. Επίσης ανεκοινώθη ότι οι αντιπρόσωποι των ενδιαφερομένων θα συναντηθούν αύριον, ίνα εξετάσουν τας λεπτομερείας του σχεδίου και καθορίσουν τον τρόπον εφαρμογής των αποφάσεων.

ΓΕΡΜΑΝΙΚΟΣ ΟΙΚΟΣ ΠΡΟΣΦΕΡΕΙ ΕΙΣ ΤΗΝ ΕΛΛΑΔΑ ΕΙΚΟΣΙ ΤΡΙΑΞΟΝΑ ΑΥΤΟΚΙΝΗΤΑΜΑΞΑΣ ΕΠ' ΑΝΤΑΛΛΑΓΗ ΚΑΠΝΩΝ ΤΩΝ ΠΑΛΑΙΩΝ ΕΣΟΔΕΙΩΝ

Κατά πληροφορίας εκ των αρμοδίων υπηρεσιών, η κατάστασις εξελίσσεται ομαλώς και αναμένονται νεώτεραι ανακοινώσεις εντός των προσεχών ημερών. Ο υπουργός εδήλωσεν ότι η κυβέρνησις παρακολουθεί το ζήτημα μετά προσοχής και θα λάβη τα ενδεδειγμένα μέτρα. Αι συζητήσεις συνεχίζονται εις την επιτροπήν και αναμένεται η οριστική απόφασις. Επίσης ανεκοινώθη ότι οι αντιπρόσωποι των ενδιαφερομένων θα συναντηθούν αύριον, ίνα εξετάσουν τας λεπτομερείας του σχεδίου και καθορίσουν τον τρόπον εφαρμογής των αποφάσεων.

ΑΙ ΕΛΛΗΝΙΚΑΙ ΑΠΟΨΕΙΣ ΕΠΙ ΤΟΥ ΖΗΤΗΜΑΤΟΣ ΤΩΝ ΠΡΟΞΕΝΙΚΩΝ ΣΧΕΣΕΩΝ ΚΑΙ ΠΡΟΝΟΜΙΩΝ

Κατά πληροφορίας εκ των αρμοδίων υπηρεσιών, η κατάστασις εξελίσσεται ομαλώς και αναμένονται νεώτεραι ανακοινώσεις εντός των προσεχών ημερών. Ο υπουργός εδήλωσεν ότι η κυβέρνησις παρακολουθεί το ζήτημα μετά προσοχής και θα λάβη τα ενδεδειγμένα μέτρα. Αι συζητήσεις συνεχίζονται εις την επιτροπήν και αναμένεται η οριστική απόφασις. Επίσης ανεκοινώθη ότι οι αντιπρόσωποι των ενδιαφερομένων θα συναντηθούν αύριον, ίνα εξετάσουν τας λεπτομερείας του σχεδίου και καθορίσουν τον τρόπον εφαρμογής των αποφάσεων.

«ΘΕΕ ΜΟΥ, ΔΕΝ ΕΙΝΑΙ Η ΜΑΙΡΗ!»
Την τελευταίαν στιγμήν διεπιστώθη ότι έθαπτον άλλην με όνομα άλλης που δεν εφονεύθη εις το δυστύχημα

ΝΕΑ ΥΟΡΚΗ, 10. (Ασσ. Πρέσ.). Κατά πληροφορίας εκ των αρμοδίων υπηρεσιών, η κατάστασις εξελίσσεται ομαλώς και αναμένονται νεώτεραι ανακοινώσεις εντός των προσεχών ημερών. Ο υπουργός εδήλωσεν ότι η κυβέρνησις παρακολουθεί το ζήτημα μετά προσοχής και θα λάβη τα ενδεδειγμένα μέτρα. Αι συζητήσεις συνεχίζονται εις την επιτροπήν και αναμένεται η οριστική απόφασις. Επίσης ανεκοινώθη ότι οι αντιπρόσωποι των ενδιαφερομένων θα συναντηθούν αύριον, ίνα εξετάσουν τας λεπτομερείας του σχεδίου και καθορίσουν τον τρόπον εφαρμογής των αποφάσεων.

Κατά πληροφορίας εκ των αρμοδίων υπηρεσιών, η κατάστασις εξελίσσεται ομαλώς και αναμένονται νεώτεραι ανακοινώσεις εντός των προσεχών ημερών. Ο υπουργός εδήλωσεν ότι η κυβέρνησις παρακολουθεί το ζήτημα μετά προσοχής και θα λάβη τα ενδεδειγμένα μέτρα. Αι συζητήσεις συνεχίζονται εις την επιτροπήν και αναμένεται η οριστική απόφασις. Επίσης ανεκοινώθη ότι οι αντιπρόσωποι των ενδιαφερομένων θα συναντηθούν αύριον, ίνα εξετάσουν τας λεπτομερείας του σχεδίου και καθορίσουν τον τρόπον εφαρμογής των αποφάσεων.
